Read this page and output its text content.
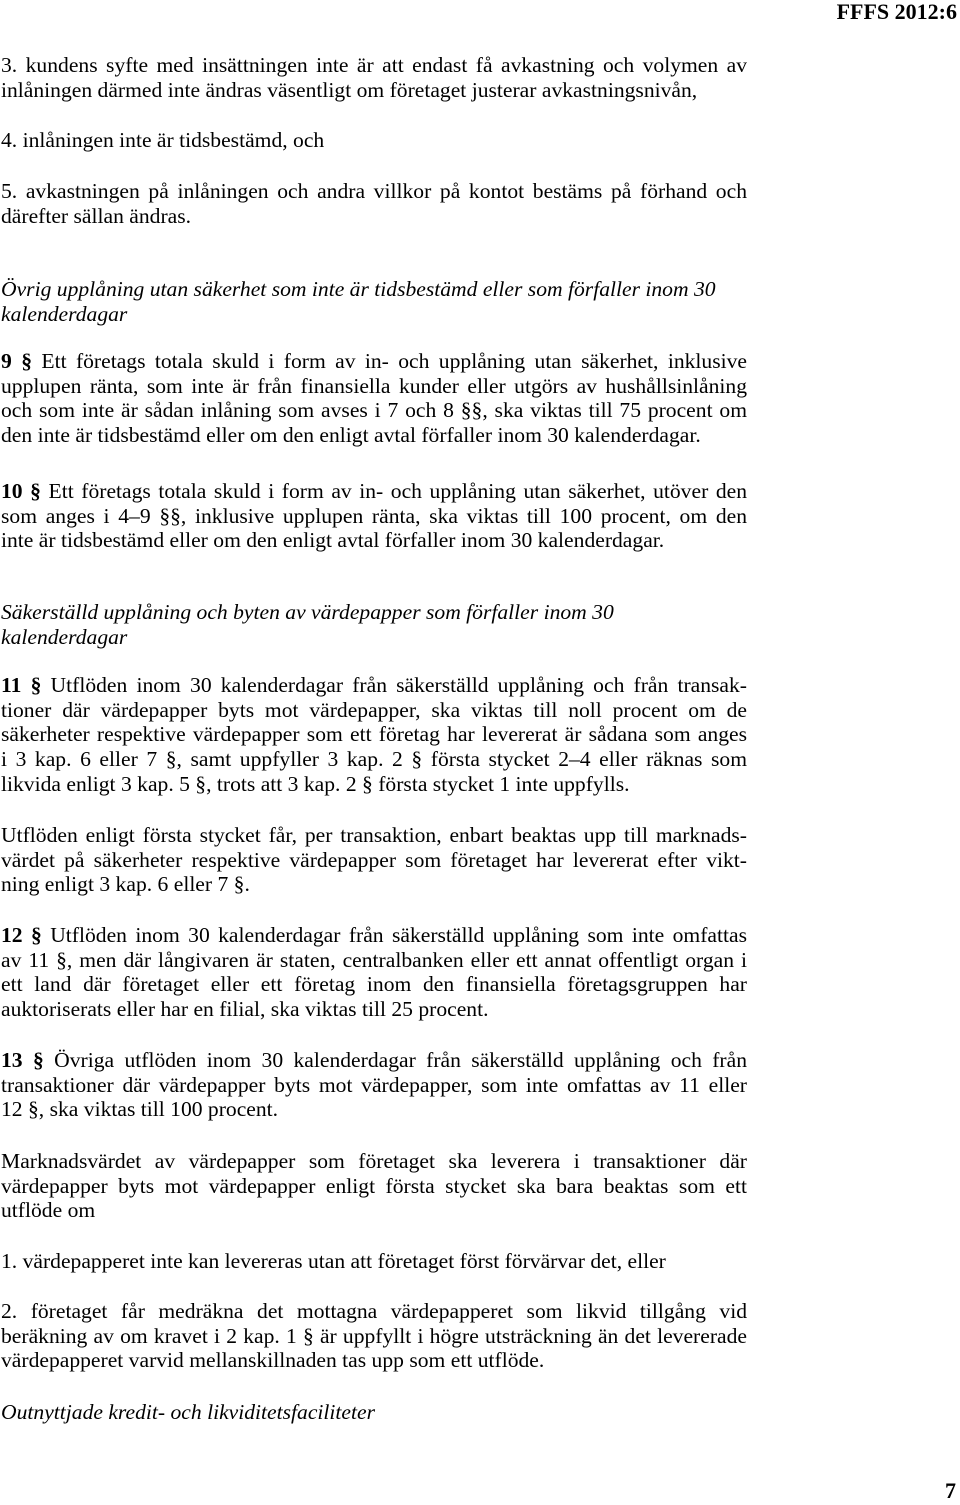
FFFS 2012:6
3. kundens syfte med insättningen inte är att endast få avkastning och volymen av
inlåningen därmed inte ändras väsentligt om företaget justerar avkastningsnivån,
4. inlåningen inte är tidsbestämd, och
5. avkastningen på inlåningen och andra villkor på kontot bestäms på förhand och
därefter sällan ändras.
Övrig upplåning utan säkerhet som inte är tidsbestämd eller som förfaller inom 30
kalenderdagar
9 § Ett företags totala skuld i form av in- och upplåning utan säkerhet, inklusive
upplupen ränta, som inte är från finansiella kunder eller utgörs av hushållsinlåning
och som inte är sådan inlåning som avses i 7 och 8 §§, ska viktas till 75 procent om
den inte är tidsbestämd eller om den enligt avtal förfaller inom 30 kalenderdagar.
10 § Ett företags totala skuld i form av in- och upplåning utan säkerhet, utöver den
som anges i 4–9 §§, inklusive upplupen ränta, ska viktas till 100 procent, om den
inte är tidsbestämd eller om den enligt avtal förfaller inom 30 kalenderdagar.
Säkerställd upplåning och byten av värdepapper som förfaller inom 30
kalenderdagar
11 § Utflöden inom 30 kalenderdagar från säkerställd upplåning och från transak-
tioner där värdepapper byts mot värdepapper, ska viktas till noll procent om de
säkerheter respektive värdepapper som ett företag har levererat är sådana som anges
i 3 kap. 6 eller 7 §, samt uppfyller 3 kap. 2 § första stycket 2–4 eller räknas som
likvida enligt 3 kap. 5 §, trots att 3 kap. 2 § första stycket 1 inte uppfylls.
Utflöden enligt första stycket får, per transaktion, enbart beaktas upp till marknads-
värdet på säkerheter respektive värdepapper som företaget har levererat efter vikt-
ning enligt 3 kap. 6 eller 7 §.
12 § Utflöden inom 30 kalenderdagar från säkerställd upplåning som inte omfattas
av 11 §, men där långivaren är staten, centralbanken eller ett annat offentligt organ i
ett land där företaget eller ett företag inom den finansiella företagsgruppen har
auktoriserats eller har en filial, ska viktas till 25 procent.
13 § Övriga utflöden inom 30 kalenderdagar från säkerställd upplåning och från
transaktioner där värdepapper byts mot värdepapper, som inte omfattas av 11 eller
12 §, ska viktas till 100 procent.
Marknadsvärdet av värdepapper som företaget ska leverera i transaktioner där
värdepapper byts mot värdepapper enligt första stycket ska bara beaktas som ett
utflöde om
1. värdepapperet inte kan levereras utan att företaget först förvärvar det, eller
2. företaget får medräkna det mottagna värdepapperet som likvid tillgång vid
beräkning av om kravet i 2 kap. 1 § är uppfyllt i högre utsträckning än det levererade
värdepapperet varvid mellanskillnaden tas upp som ett utflöde.
Outnyttjade kredit- och likviditetsfaciliteter
7
